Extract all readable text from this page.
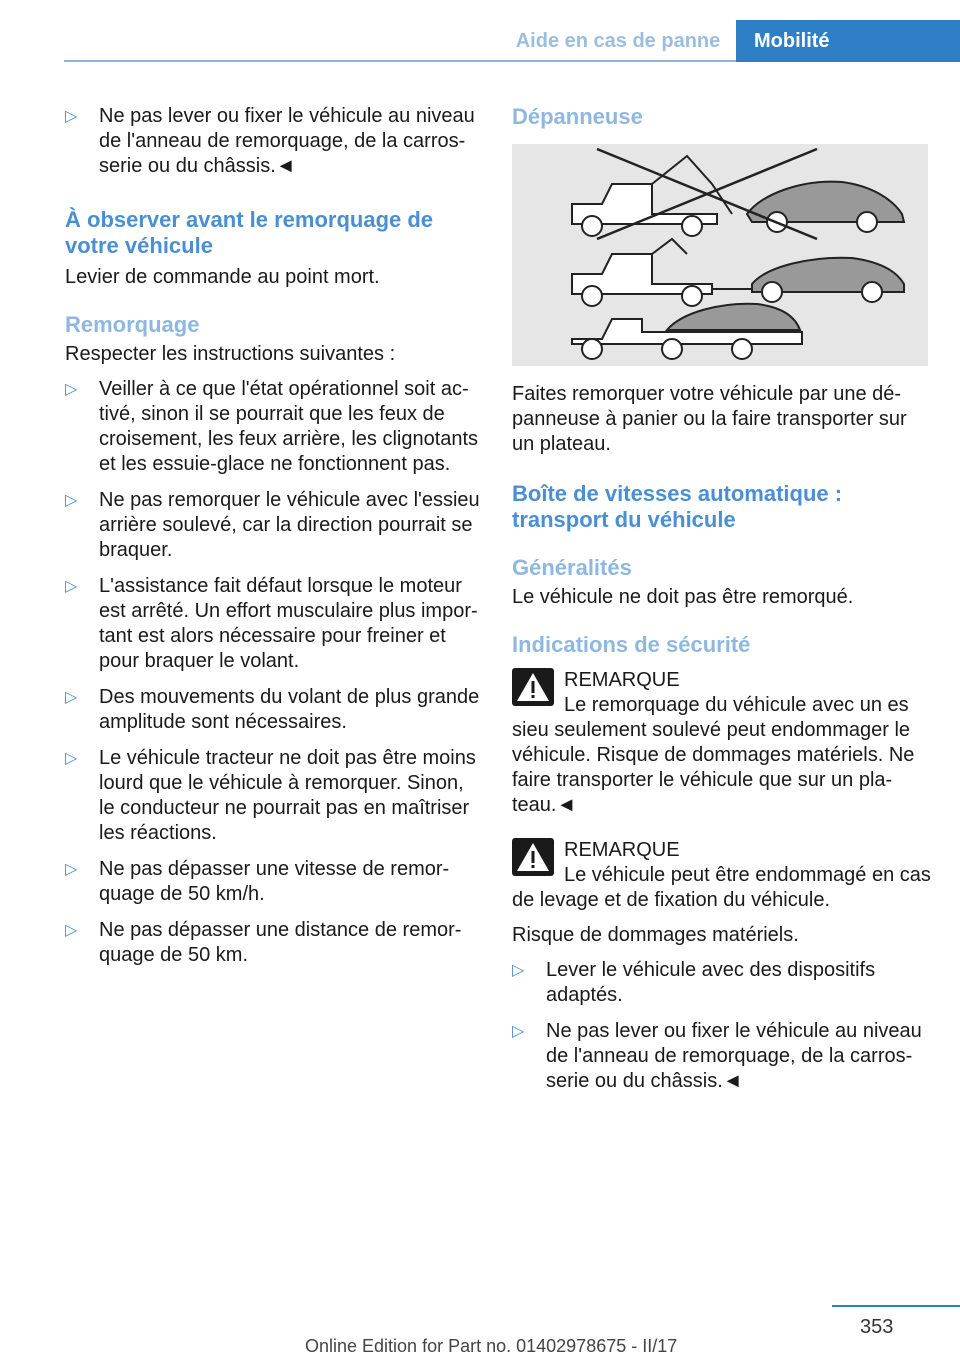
Aide en cas de panne	Mobilité
▷ Ne pas lever ou fixer le véhicule au niveau de l'anneau de remorquage, de la carrosserie ou du châssis.◄
À observer avant le remorquage de votre véhicule

Levier de commande au point mort.

Remorquage

Respecter les instructions suivantes :

▷ Veiller à ce que l'état opérationnel soit activé, sinon il se pourrait que les feux de croisement, les feux arrière, les clignotants et les essuie-glace ne fonctionnent pas.
▷ Ne pas remorquer le véhicule avec l'essieu arrière soulevé, car la direction pourrait se braquer.
▷ L'assistance fait défaut lorsque le moteur est arrêté. Un effort musculaire plus important est alors nécessaire pour freiner et pour braquer le volant.
▷ Des mouvements du volant de plus grande amplitude sont nécessaires.
▷ Le véhicule tracteur ne doit pas être moins lourd que le véhicule à remorquer. Sinon, le conducteur ne pourrait pas en maîtriser les réactions.
▷ Ne pas dépasser une vitesse de remorquage de 50 km/h.
▷ Ne pas dépasser une distance de remorquage de 50 km.
Dépanneuse

Faites remorquer votre véhicule par une dépanneuse à panier ou la faire transporter sur un plateau.

Boîte de vitesses automatique : transport du véhicule
Généralités

Le véhicule ne doit pas être remorqué.

Indications de sécurité
REMARQUE
Le remorquage du véhicule avec un es

sieu seulement soulevé peut endommager le véhicule. Risque de dommages matériels. Ne faire transporter le véhicule que sur un plateau.◄

REMARQUE
Le véhicule peut être endommagé en cas

de levage et de fixation du véhicule.

Risque de dommages matériels.

▷ Lever le véhicule avec des dispositifs adaptés.
▷ Ne pas lever ou fixer le véhicule au niveau de l'anneau de remorquage, de la carrosserie ou du châssis.◄
353
Online Edition for Part no. 01402978675 - II/17
